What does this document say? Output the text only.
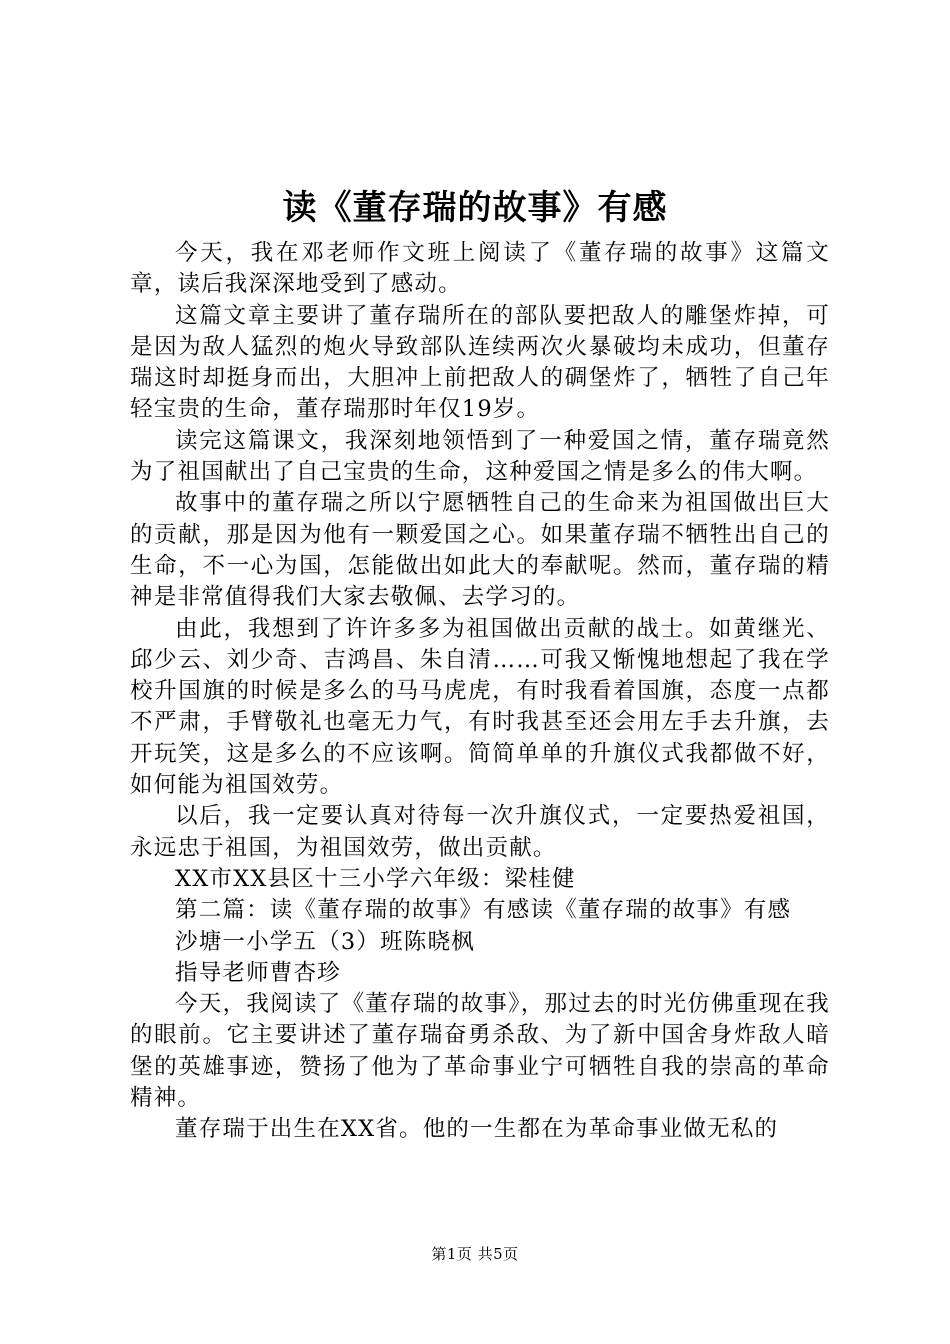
读《董存瑞的故事》有感

今天，我在邓老师作文班上阅读了《董存瑞的故事》这篇文章，读后我深深地受到了感动。

这篇文章主要讲了董存瑞所在的部队要把敌人的雕堡炸掉，可是因为敌人猛烈的炮火导致部队连续两次火暴破均未成功，但董存瑞这时却挺身而出，大胆冲上前把敌人的碉堡炸了，牺牲了自己年轻宝贵的生命，董存瑞那时年仅19岁。

读完这篇课文，我深刻地领悟到了一种爱国之情，董存瑞竟然为了祖国献出了自己宝贵的生命，这种爱国之情是多么的伟大啊。

故事中的董存瑞之所以宁愿牺牲自己的生命来为祖国做出巨大的贡献，那是因为他有一颗爱国之心。如果董存瑞不牺牲出自己的生命，不一心为国，怎能做出如此大的奉献呢。然而，董存瑞的精神是非常值得我们大家去敬佩、去学习的。

由此，我想到了许许多多为祖国做出贡献的战士。如黄继光、邱少云、刘少奇、吉鸿昌、朱自清……可我又惭愧地想起了我在学校升国旗的时候是多么的马马虎虎，有时我看着国旗，态度一点都不严肃，手臂敬礼也毫无力气，有时我甚至还会用左手去升旗，去开玩笑，这是多么的不应该啊。简简单单的升旗仪式我都做不好，如何能为祖国效劳。

以后，我一定要认真对待每一次升旗仪式，一定要热爱祖国，永远忠于祖国，为祖国效劳，做出贡献。

XX市XX县区十三小学六年级：梁桂健

第二篇：读《董存瑞的故事》有感读《董存瑞的故事》有感

沙塘一小学五（3）班陈晓枫

指导老师曹杏珍

今天，我阅读了《董存瑞的故事》，那过去的时光仿佛重现在我的眼前。它主要讲述了董存瑞奋勇杀敌、为了新中国舍身炸敌人暗堡的英雄事迹，赞扬了他为了革命事业宁可牺牲自我的崇高的革命精神。

董存瑞于出生在XX省。他的一生都在为革命事业做无私的

第1页 共5页
